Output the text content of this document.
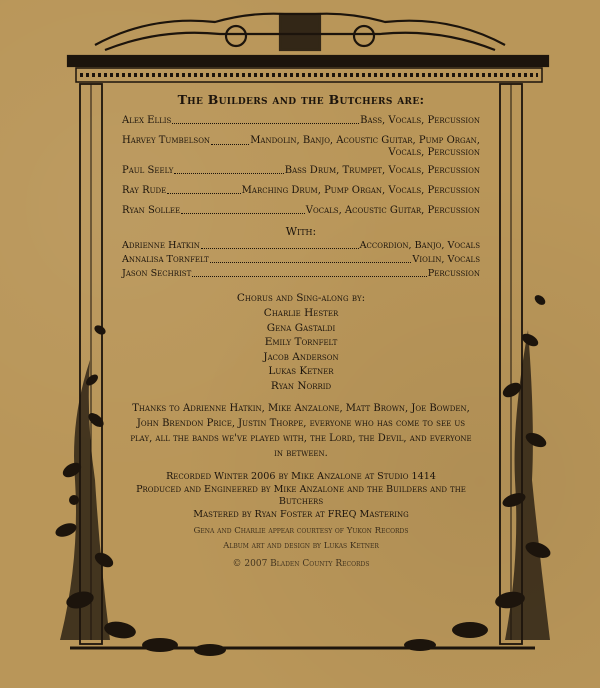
The Builders and the Butchers are:
Alex Ellis	Bass, Vocals, Percussion
Harvey Tumbelson	Mandolin, Banjo, Acoustic Guitar, Pump Organ, Vocals, Percussion
Paul Seely	Bass Drum, Trumpet, Vocals, Percussion
Ray Rude	Marching Drum, Pump Organ, Vocals, Percussion
Ryan Sollee	Vocals, Acoustic Guitar, Percussion
With:
Adrienne Hatkin	Accordion, Banjo, Vocals
Annalisa Tornfelt	Violin, Vocals
Jason Sechrist	Percussion
Chorus and Sing-along by:
Charlie Hester
Gena Gastaldi
Emily Tornfelt
Jacob Anderson
Lukas Ketner
Ryan Norrid
Thanks to Adrienne Hatkin, Mike Anzalone, Matt Brown, Joe Bowden, John Brendon Price, Justin Thorpe, everyone who has come to see us play, all the bands we've played with, the Lord, the Devil, and everyone in between.
Recorded Winter 2006 by Mike Anzalone at Studio 1414
Produced and Engineered by Mike Anzalone and the Builders and the Butchers
Mastered by Ryan Foster at FREQ Mastering
Gena and Charlie appear courtesy of Yukon Records
Album art and design by Lukas Ketner
© 2007 Bladen County Records
